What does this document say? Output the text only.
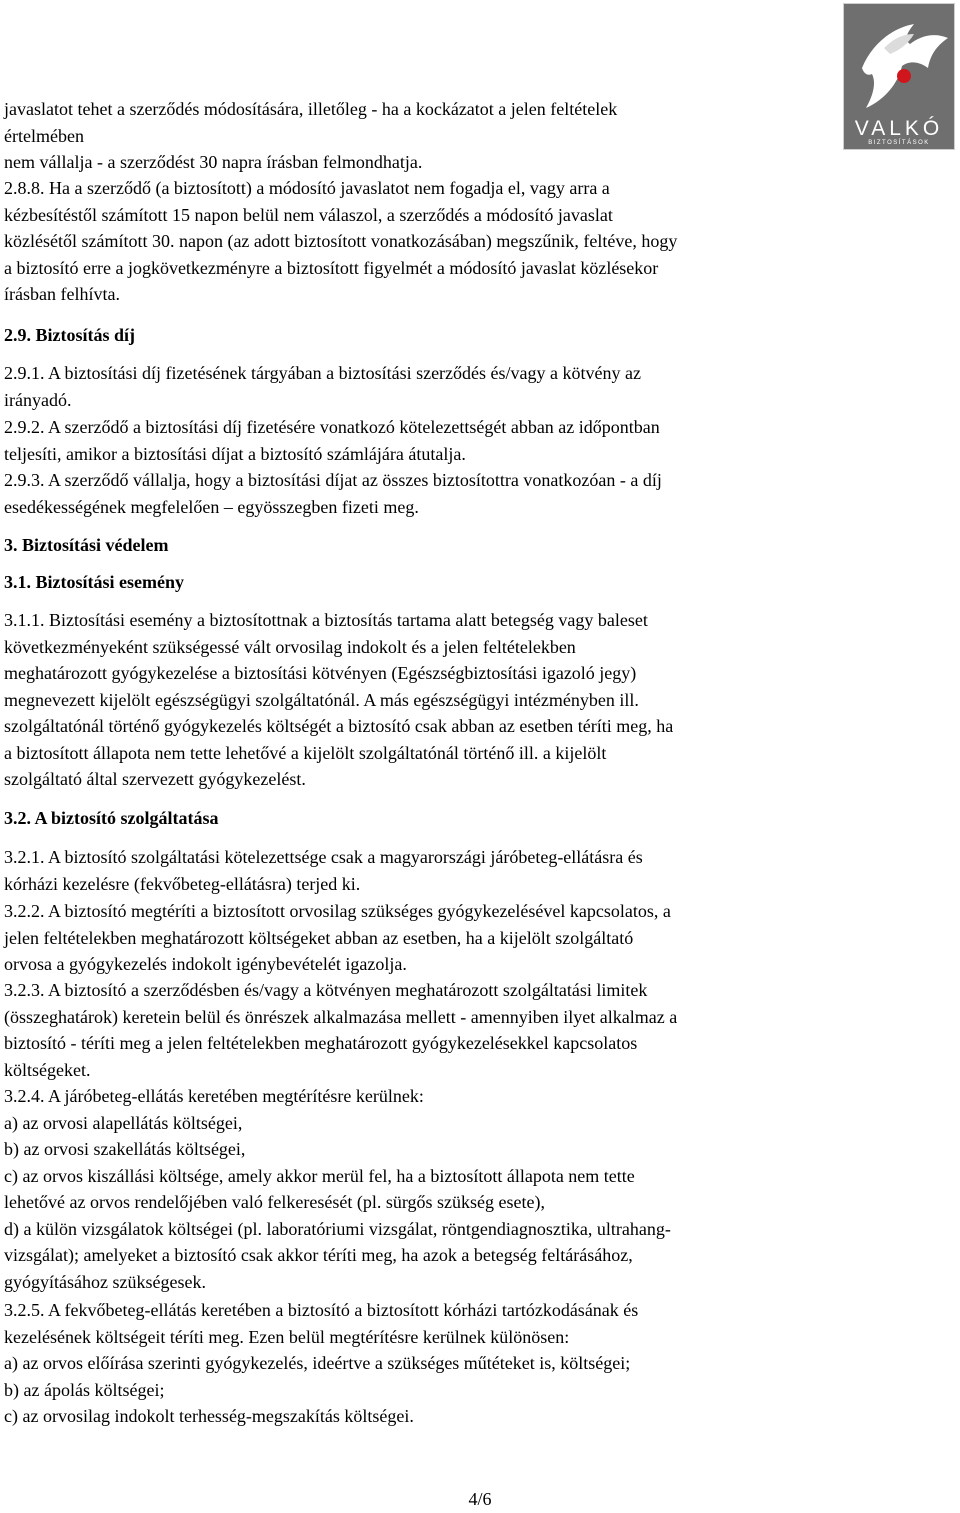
VALKÓ
BIZTOSÍTÁSOK

javaslatot tehet a szerződés módosítására, illetőleg - ha a kockázatot a jelen feltételek
értelmében
nem vállalja - a szerződést 30 napra írásban felmondhatja.

2.8.8. Ha a szerződő (a biztosított) a módosító javaslatot nem fogadja el, vagy arra a
kézbesítéstől számított 15 napon belül nem válaszol, a szerződés a módosító javaslat
közlésétől számított 30. napon (az adott biztosított vonatkozásában) megszűnik, feltéve, hogy
a biztosító erre a jogkövetkezményre a biztosított figyelmét a módosító javaslat közlésekor
írásban felhívta.

2.9. Biztosítás díj

2.9.1. A biztosítási díj fizetésének tárgyában a biztosítási szerződés és/vagy a kötvény az
irányadó.

2.9.2. A szerződő a biztosítási díj fizetésére vonatkozó kötelezettségét abban az időpontban
teljesíti, amikor a biztosítási díjat a biztosító számlájára átutalja.

2.9.3. A szerződő vállalja, hogy a biztosítási díjat az összes biztosítottra vonatkozóan - a díj
esedékességének megfelelően – egyösszegben fizeti meg.

3. Biztosítási védelem

3.1. Biztosítási esemény

3.1.1. Biztosítási esemény a biztosítottnak a biztosítás tartama alatt betegség vagy baleset
következményeként szükségessé vált orvosilag indokolt és a jelen feltételekben
meghatározott gyógykezelése a biztosítási kötvényen (Egészségbiztosítási igazoló jegy)
megnevezett kijelölt egészségügyi szolgáltatónál. A más egészségügyi intézményben ill.
szolgáltatónál történő gyógykezelés költségét a biztosító csak abban az esetben téríti meg, ha
a biztosított állapota nem tette lehetővé a kijelölt szolgáltatónál történő ill. a kijelölt
szolgáltató által szervezett gyógykezelést.

3.2. A biztosító szolgáltatása

3.2.1. A biztosító szolgáltatási kötelezettsége csak a magyarországi járóbeteg-ellátásra és
kórházi kezelésre (fekvőbeteg-ellátásra) terjed ki.

3.2.2. A biztosító megtéríti a biztosított orvosilag szükséges gyógykezelésével kapcsolatos, a
jelen feltételekben meghatározott költségeket abban az esetben, ha a kijelölt szolgáltató
orvosa a gyógykezelés indokolt igénybevételét igazolja.

3.2.3. A biztosító a szerződésben és/vagy a kötvényen meghatározott szolgáltatási limitek
(összeghatárok) keretein belül és önrészek alkalmazása mellett - amennyiben ilyet alkalmaz a
biztosító - téríti meg a jelen feltételekben meghatározott gyógykezelésekkel kapcsolatos
költségeket.

3.2.4. A járóbeteg-ellátás keretében megtérítésre kerülnek:
a) az orvosi alapellátás költségei,
b) az orvosi szakellátás költségei,
c) az orvos kiszállási költsége, amely akkor merül fel, ha a biztosított állapota nem tette
lehetővé az orvos rendelőjében való felkeresését (pl. sürgős szükség esete),
d) a külön vizsgálatok költségei (pl. laboratóriumi vizsgálat, röntgendiagnosztika, ultrahang-
vizsgálat); amelyeket a biztosító csak akkor téríti meg, ha azok a betegség feltárásához,
gyógyításához szükségesek.

3.2.5. A fekvőbeteg-ellátás keretében a biztosító a biztosított kórházi tartózkodásának és
kezelésének költségeit téríti meg. Ezen belül megtérítésre kerülnek különösen:
a) az orvos előírása szerinti gyógykezelés, ideértve a szükséges műtéteket is, költségei;
b) az ápolás költségei;
c) az orvosilag indokolt terhesség-megszakítás költségei.

4/6
